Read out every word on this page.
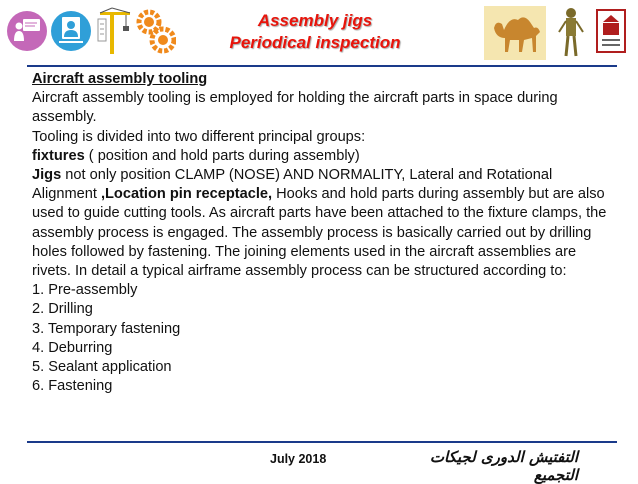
Assembly jigs
Periodical inspection

Aircraft assembly tooling

Aircraft assembly tooling is employed for holding the aircraft parts in space during assembly.

Tooling is divided into two different principal groups:

fixtures ( position and hold parts during assembly)

Jigs not only position CLAMP (NOSE) AND NORMALITY, Lateral and Rotational Alignment ,Location pin receptacle, Hooks and hold parts during assembly but are also used to guide cutting tools. As aircraft parts have been attached to the fixture clamps, the assembly process is engaged. The assembly process is basically carried out by drilling holes followed by fastening. The joining elements used in the aircraft assemblies are rivets. In detail a typical airframe assembly process can be structured according to:

1. Pre-assembly

2. Drilling

3. Temporary fastening

4. Deburring

5. Sealant application

6. Fastening

July 2018	التفتيش الدورى لجيكات التجميع
